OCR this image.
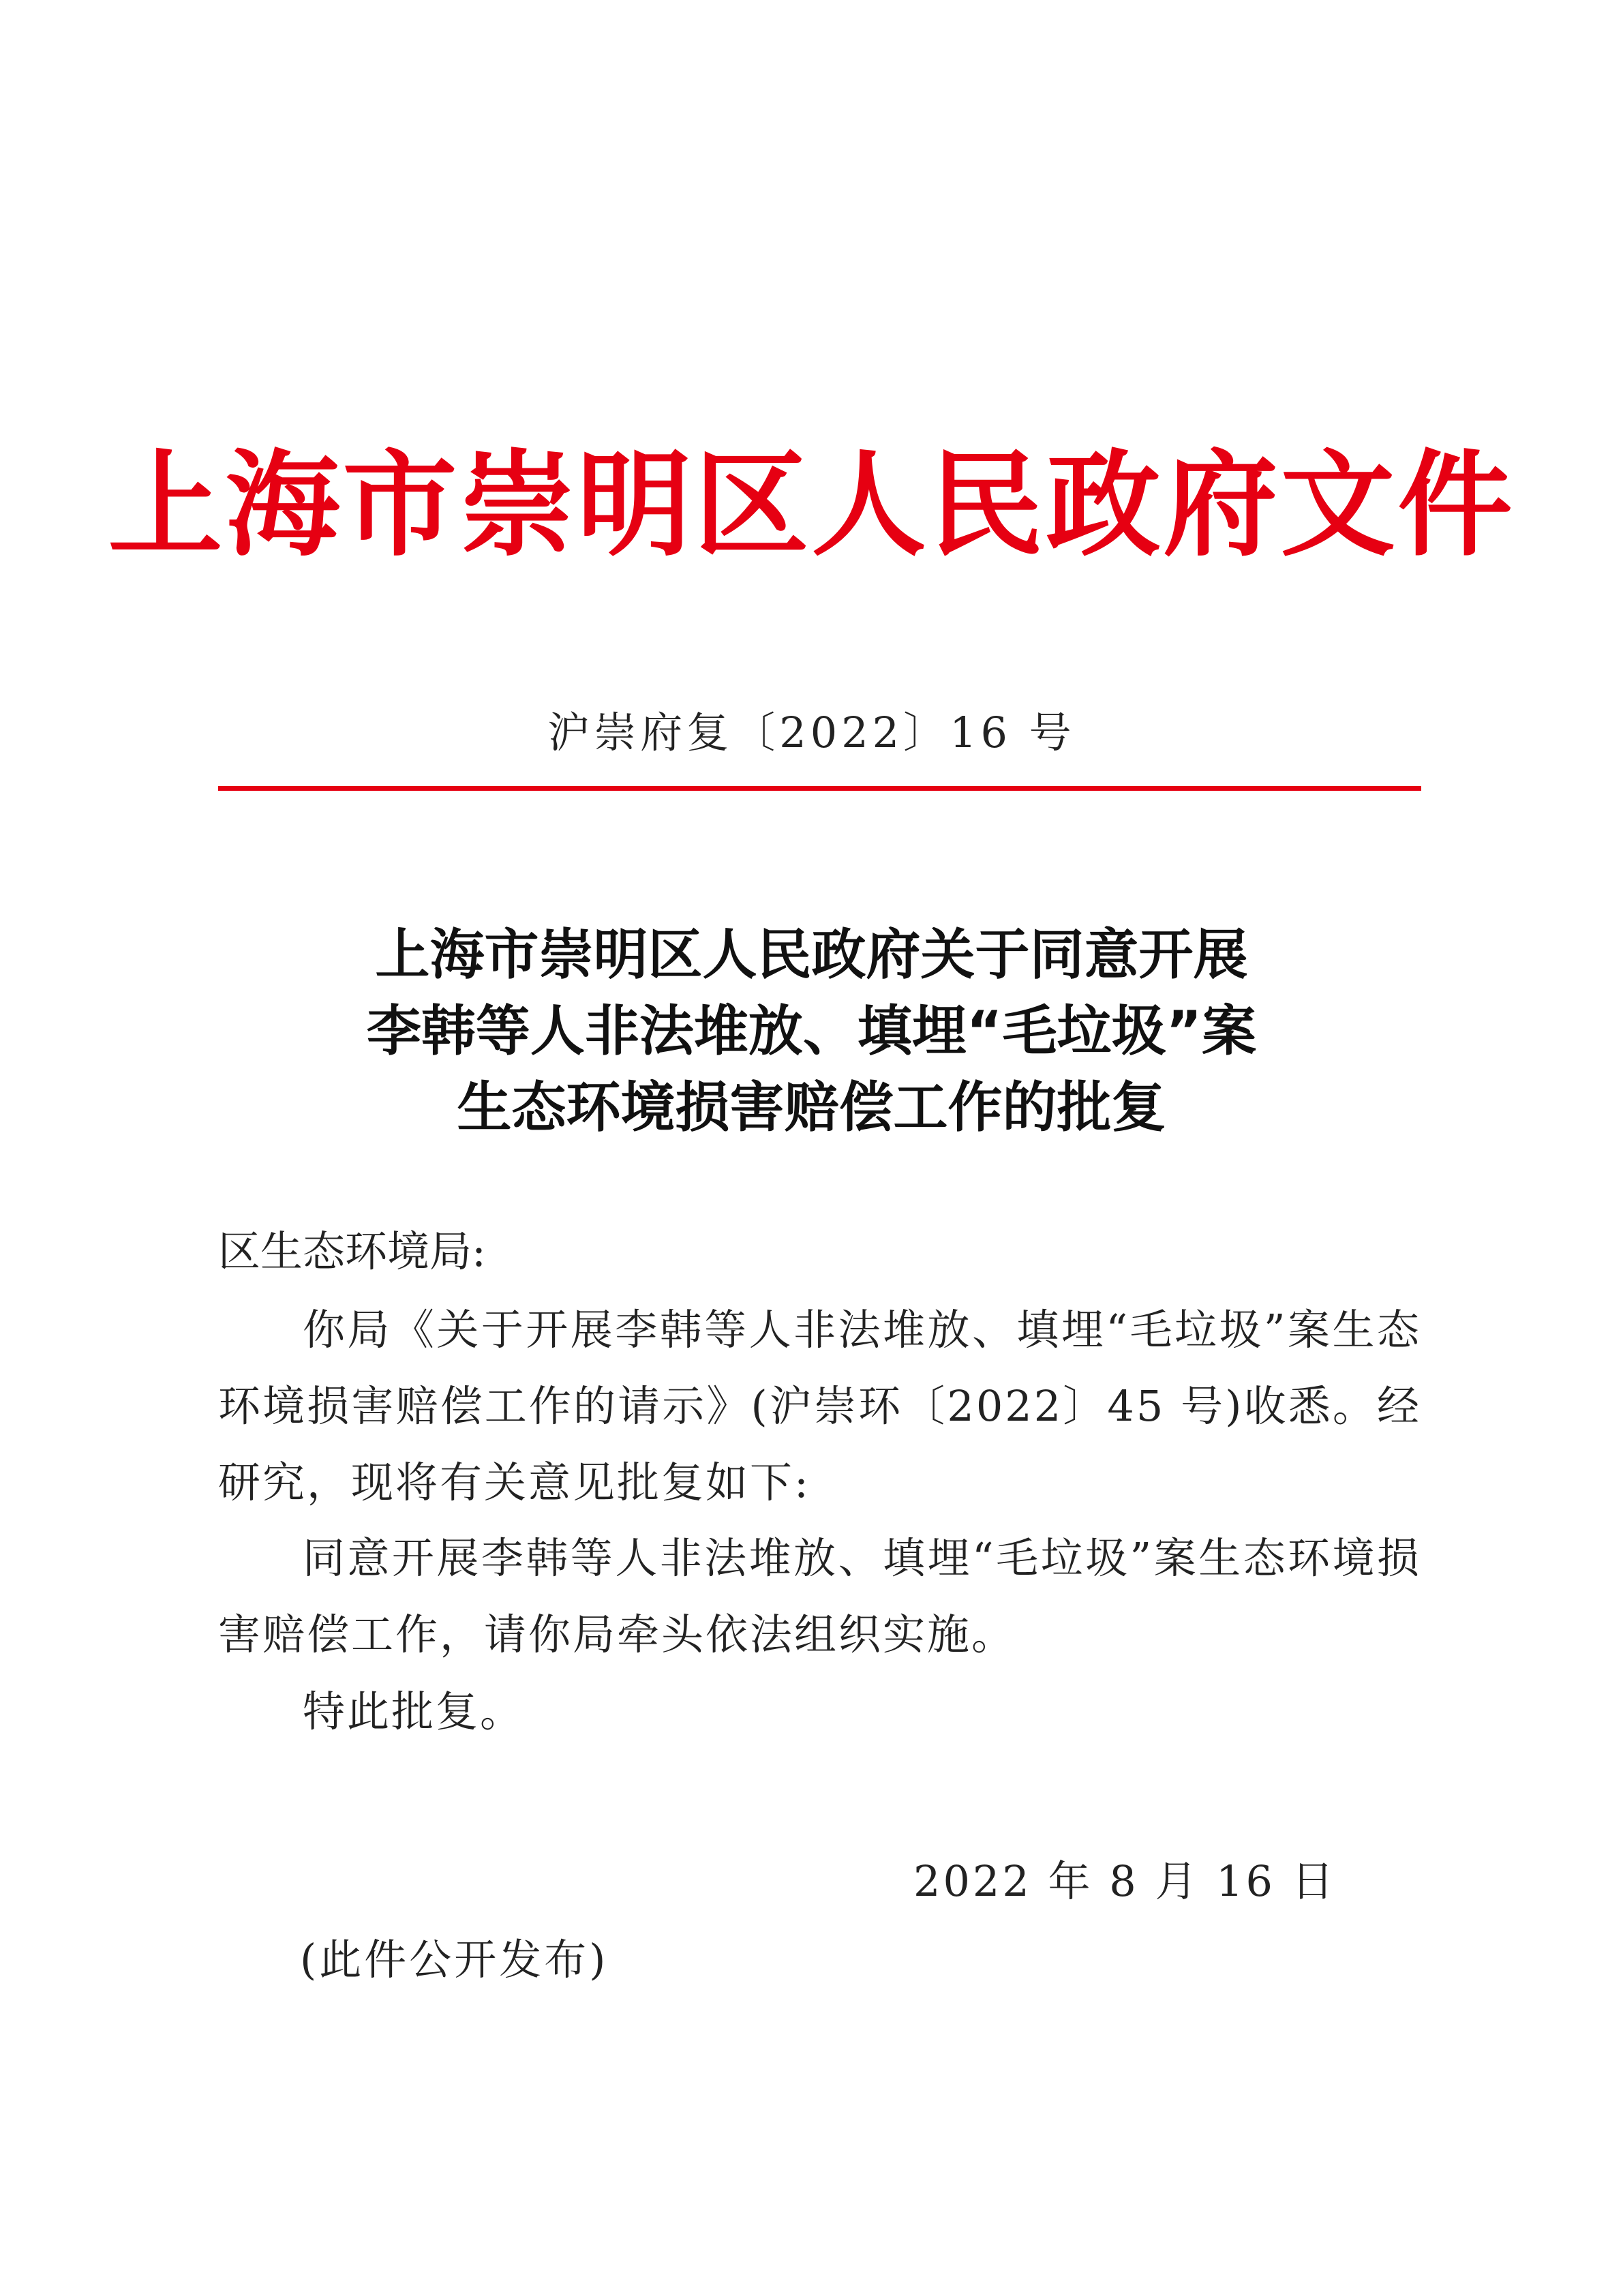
上海市崇明区人民政府文件
沪崇府复〔2022〕16 号
上海市崇明区人民政府关于同意开展
李韩等人非法堆放、填埋“毛垃圾”案
生态环境损害赔偿工作的批复
区生态环境局:
你局《关于开展李韩等人非法堆放、填埋“毛垃圾”案生态环境损害赔偿工作的请示》(沪崇环〔2022〕45 号)收悉。经研究，现将有关意见批复如下:
同意开展李韩等人非法堆放、填埋“毛垃圾”案生态环境损害赔偿工作，请你局牵头依法组织实施。
特此批复。
2022 年 8 月 16 日
(此件公开发布)
